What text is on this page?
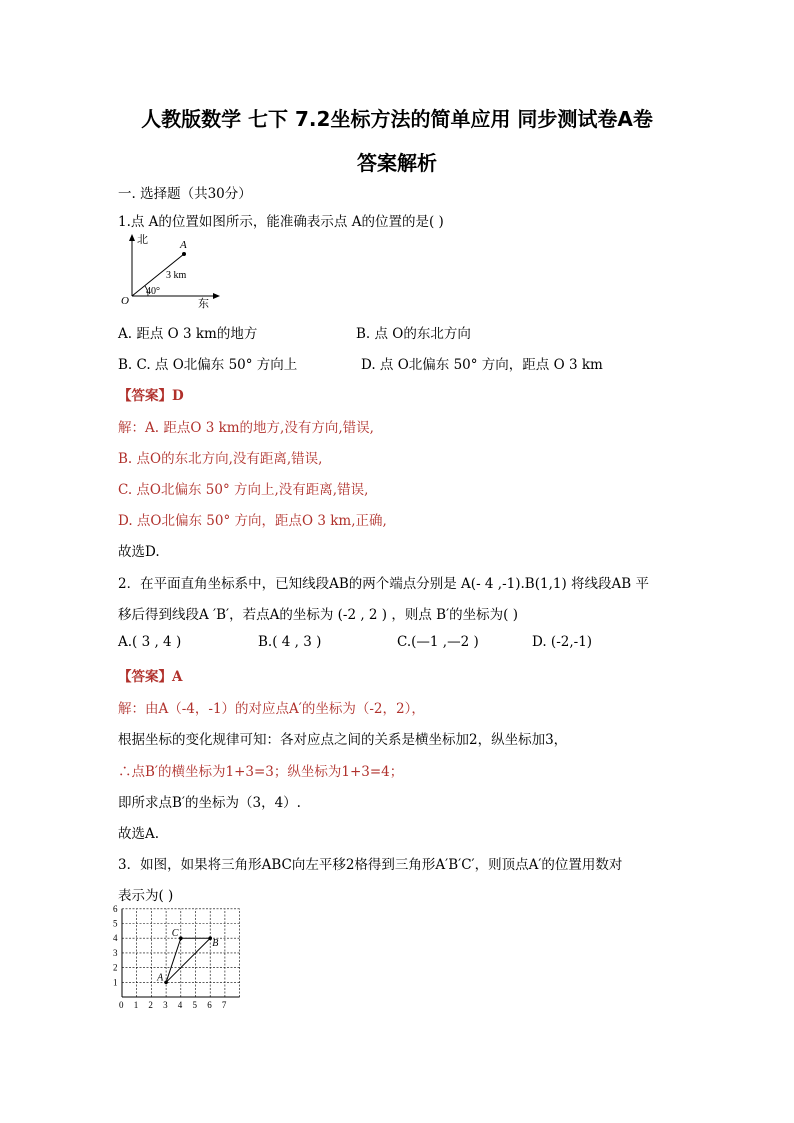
人教版数学 七下 7.2坐标方法的简单应用 同步测试卷A卷
答案解析
一. 选择题（共30分）
1.点 A的位置如图所示，能准确表示点 A的位置的是( )
北
东
O
A
3 km
40°
A. 距点 O 3 km的地方	B. 点 O的东北方向
B. C. 点 O北偏东 50° 方向上	D. 点 O北偏东 50° 方向，距点 O 3 km
【答案】D
解：A. 距点O 3 km的地方,没有方向,错误,
B. 点O的东北方向,没有距离,错误,
C. 点O北偏东 50° 方向上,没有距离,错误,
D. 点O北偏东 50° 方向，距点O 3 km,正确,
故选D.
2．在平面直角坐标系中，已知线段AB的两个端点分别是 A(- 4 ,-1).B(1,1) 将线段AB 平
移后得到线段A ′B′，若点A的坐标为 (-2 , 2 ) ，则点 B′的坐标为( )
A.( 3 , 4 )	B.( 4 , 3 )	C.(—1 ,—2 )	D. (-2,-1)
【答案】A
解：由A（-4，-1）的对应点A′的坐标为（-2，2），
根据坐标的变化规律可知：各对应点之间的关系是横坐标加2，纵坐标加3，
∴点B′的横坐标为1+3=3；纵坐标为1+3=4；
即所求点B′的坐标为（3，4）.
故选A.
3．如图，如果将三角形ABC向左平移2格得到三角形A′B′C′，则顶点A′的位置用数对
表示为( )
0 1 2 3 4 5 6 7
1
2
3
4
5
6
A
B
C
